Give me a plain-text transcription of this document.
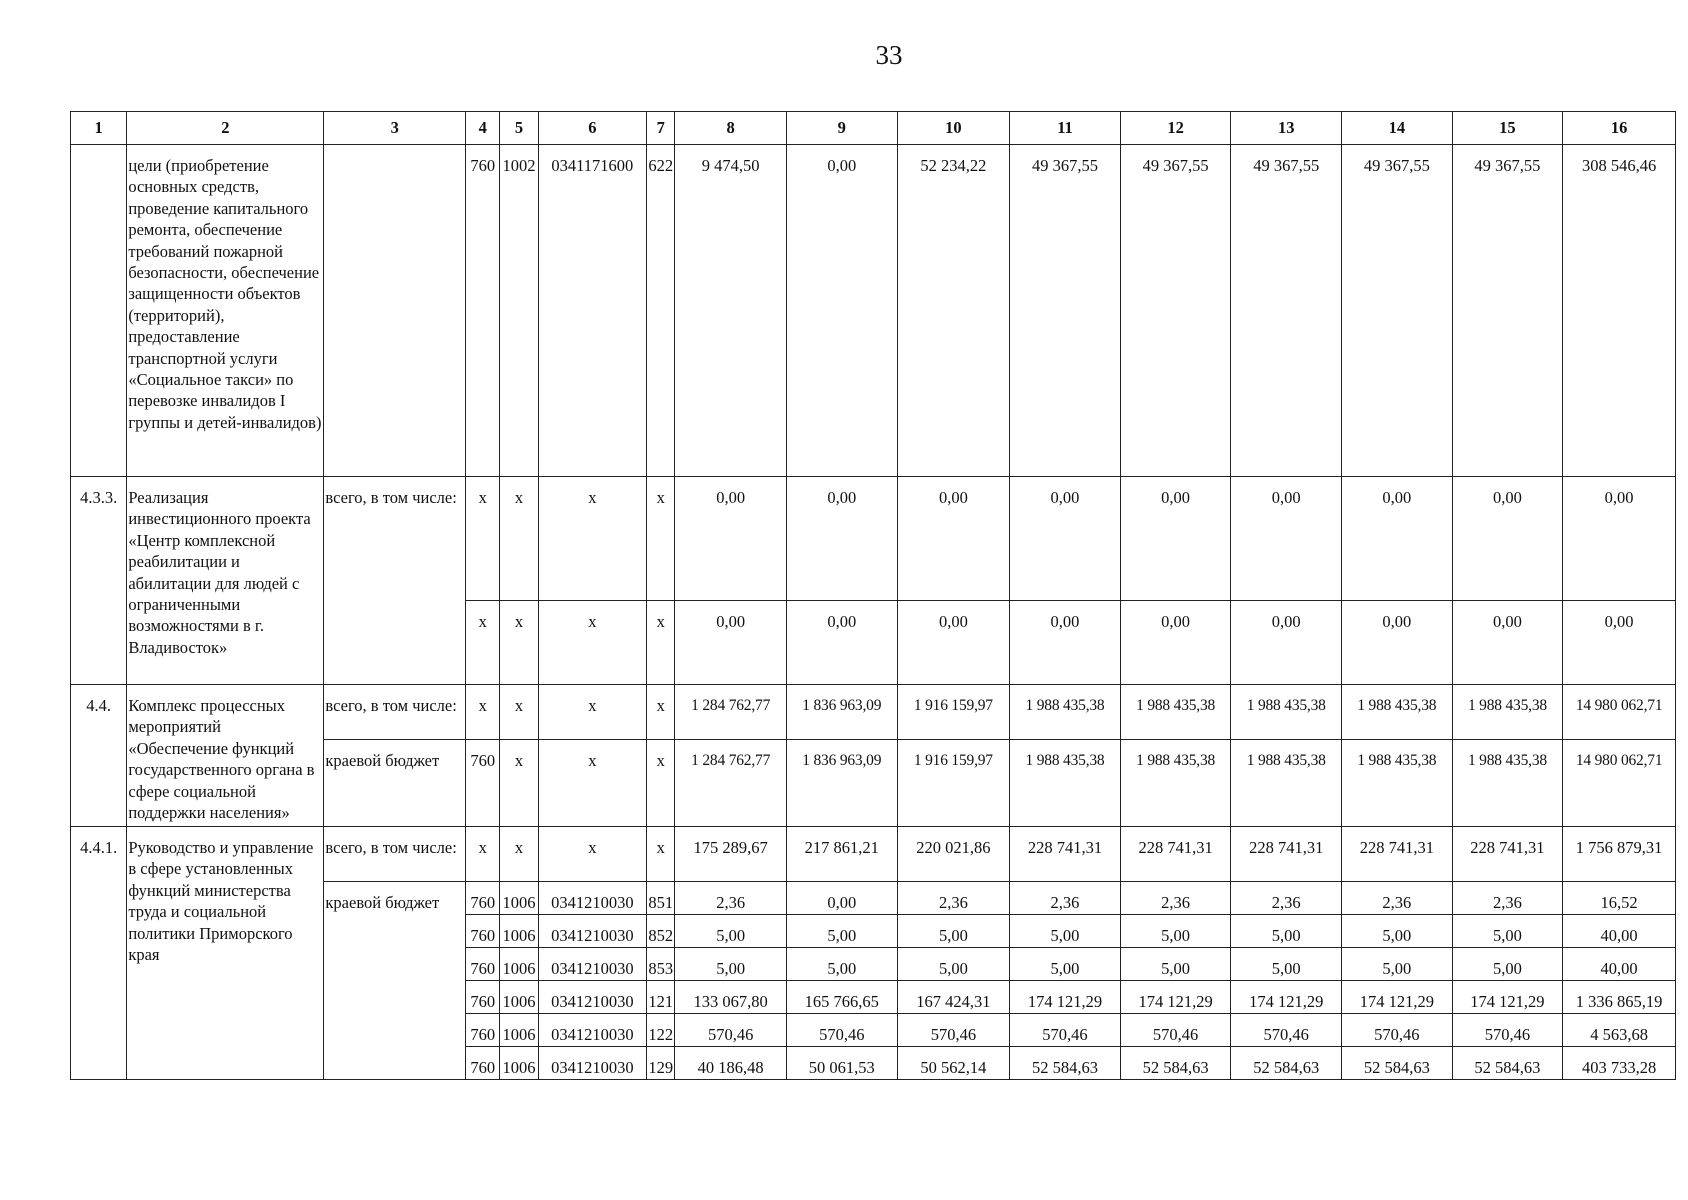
33
1	2	3	4	5	6	7	8	9	10	11	12	13	14	15	16
	цели (приобретение основных средств, проведение капитального ремонта, обеспечение требований пожарной безопасности, обеспечение защищенности объектов (территорий), предоставление транспортной услуги «Социальное такси» по перевозке инвалидов I группы и детей-инвалидов)		760	1002	0341171600	622	9 474,50	0,00	52 234,22	49 367,55	49 367,55	49 367,55	49 367,55	49 367,55	308 546,46
4.3.3.	Реализация инвестиционного проекта «Центр комплексной реабилитации и абилитации для людей с ограниченными возможностями в г. Владивосток»	всего, в том числе:	x	x	x	x	0,00	0,00	0,00	0,00	0,00	0,00	0,00	0,00	0,00
			x	x	x	x	0,00	0,00	0,00	0,00	0,00	0,00	0,00	0,00	0,00
4.4.	Комплекс процессных мероприятий «Обеспечение функций государственного органа в сфере социальной поддержки населения»	всего, в том числе:	x	x	x	x	1 284 762,77	1 836 963,09	1 916 159,97	1 988 435,38	1 988 435,38	1 988 435,38	1 988 435,38	1 988 435,38	14 980 062,71
		краевой бюджет	760	x	x	x	1 284 762,77	1 836 963,09	1 916 159,97	1 988 435,38	1 988 435,38	1 988 435,38	1 988 435,38	1 988 435,38	14 980 062,71
4.4.1.	Руководство и управление в сфере установленных функций министерства труда и социальной политики Приморского края	всего, в том числе:	x	x	x	x	175 289,67	217 861,21	220 021,86	228 741,31	228 741,31	228 741,31	228 741,31	228 741,31	1 756 879,31
		краевой бюджет	760	1006	0341210030	851	2,36	0,00	2,36	2,36	2,36	2,36	2,36	2,36	16,52
			760	1006	0341210030	852	5,00	5,00	5,00	5,00	5,00	5,00	5,00	5,00	40,00
			760	1006	0341210030	853	5,00	5,00	5,00	5,00	5,00	5,00	5,00	5,00	40,00
			760	1006	0341210030	121	133 067,80	165 766,65	167 424,31	174 121,29	174 121,29	174 121,29	174 121,29	174 121,29	1 336 865,19
			760	1006	0341210030	122	570,46	570,46	570,46	570,46	570,46	570,46	570,46	570,46	4 563,68
			760	1006	0341210030	129	40 186,48	50 061,53	50 562,14	52 584,63	52 584,63	52 584,63	52 584,63	52 584,63	403 733,28
